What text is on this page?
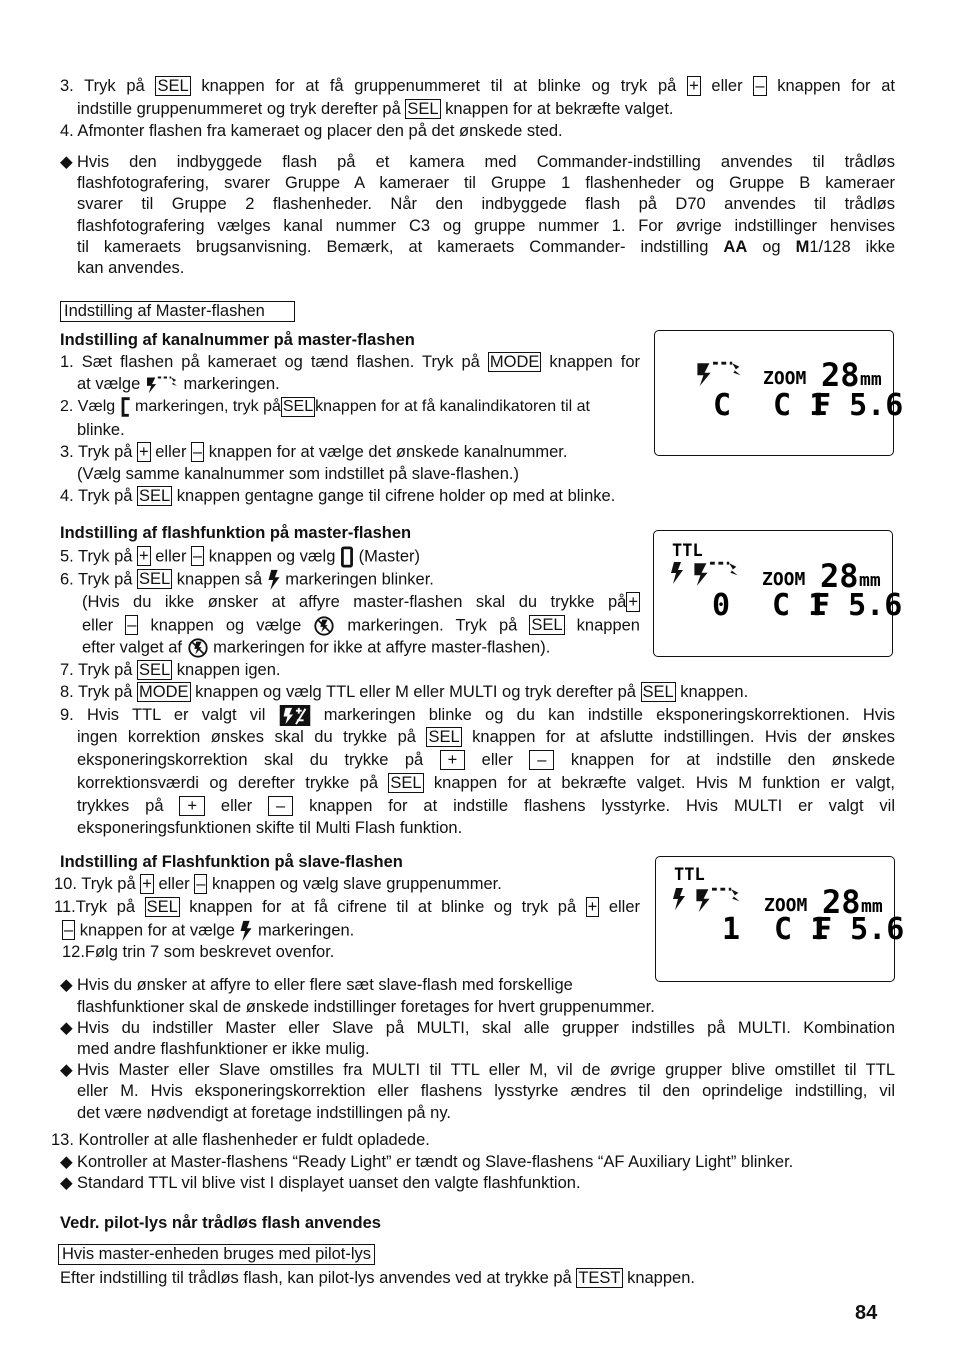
3. Tryk på SEL knappen for at få gruppenummeret til at blinke og tryk på + eller – knappen for at
indstille gruppenummeret og tryk derefter på SEL knappen for at bekræfte valget.
4. Afmonter flashen fra kameraet og placer den på det ønskede sted.
◆ Hvis den indbyggede flash på et kamera med Commander-indstilling anvendes til trådløs
flashfotografering, svarer Gruppe A kameraer til Gruppe 1 flashenheder og Gruppe B kameraer
svarer til Gruppe 2 flashenheder. Når den indbyggede flash på D70 anvendes til trådløs
flashfotografering vælges kanal nummer C3 og gruppe nummer 1. For øvrige indstillinger henvises
til kameraets brugsanvisning. Bemærk, at kameraets Commander- indstilling AA og M1/128 ikke
kan anvendes.
Indstilling af Master-flashen
Indstilling af kanalnummer på master-flashen
1. Sæt flashen på kameraet og tænd flashen. Tryk på MODE knappen for
at vælge  markeringen.
2. Vælg  markeringen, tryk på SEL knappen for at få kanalindikatoren til at
blinke.
3. Tryk på + eller – knappen for at vælge det ønskede kanalnummer.
(Vælg samme kanalnummer som indstillet på slave-flashen.)
4. Tryk på SEL knappen gentagne gange til cifrene holder op med at blinke.
ZOOM 28 mm
C C 1
F 5.6
Indstilling af flashfunktion på master-flashen
5. Tryk på + eller – knappen og vælg  (Master)
6. Tryk på SEL knappen så  markeringen blinker.
(Hvis du ikke ønsker at affyre master-flashen skal du trykke på +
eller – knappen og vælge  markeringen. Tryk på SEL knappen
efter valget af  markeringen for ikke at affyre master-flashen).
7. Tryk på SEL knappen igen.
8. Tryk på MODE knappen og vælg TTL eller M eller MULTI og tryk derefter på SEL knappen.
9. Hvis TTL er valgt vil  markeringen blinke og du kan indstille eksponeringskorrektionen. Hvis
ingen korrektion ønskes skal du trykke på SEL knappen for at afslutte indstillingen. Hvis der ønskes
eksponeringskorrektion skal du trykke på + eller – knappen for at indstille den ønskede
korrektionsværdi og derefter trykke på SEL knappen for at bekræfte valget. Hvis M funktion er valgt,
trykkes på + eller – knappen for at indstille flashens lysstyrke. Hvis MULTI er valgt vil
eksponeringsfunktionen skifte til Multi Flash funktion.
TTL
ZOOM 28 mm
0 C 1
F 5.6
Indstilling af Flashfunktion på slave-flashen
10. Tryk på + eller – knappen og vælg slave gruppenummer.
11.Tryk på SEL knappen for at få cifrene til at blinke og tryk på + eller
– knappen for at vælge  markeringen.
12.Følg trin 7 som beskrevet ovenfor.
TTL
ZOOM 28 mm
1 C 1
F 5.6
◆ Hvis du ønsker at affyre to eller flere sæt slave-flash med forskellige
flashfunktioner skal de ønskede indstillinger foretages for hvert gruppenummer.
◆ Hvis du indstiller Master eller Slave på MULTI, skal alle grupper indstilles på MULTI. Kombination
med andre flashfunktioner er ikke mulig.
◆ Hvis Master eller Slave omstilles fra MULTI til TTL eller M, vil de øvrige grupper blive omstillet til TTL
eller M. Hvis eksponeringskorrektion eller flashens lysstyrke ændres til den oprindelige indstilling, vil
det være nødvendigt at foretage indstillingen på ny.
13. Kontroller at alle flashenheder er fuldt opladede.
◆ Kontroller at Master-flashens “Ready Light” er tændt og Slave-flashens “AF Auxiliary Light” blinker.
◆ Standard TTL vil blive vist I displayet uanset den valgte flashfunktion.
Vedr. pilot-lys når trådløs flash anvendes
Hvis master-enheden bruges med pilot-lys
Efter indstilling til trådløs flash, kan pilot-lys anvendes ved at trykke på TEST knappen.
84
